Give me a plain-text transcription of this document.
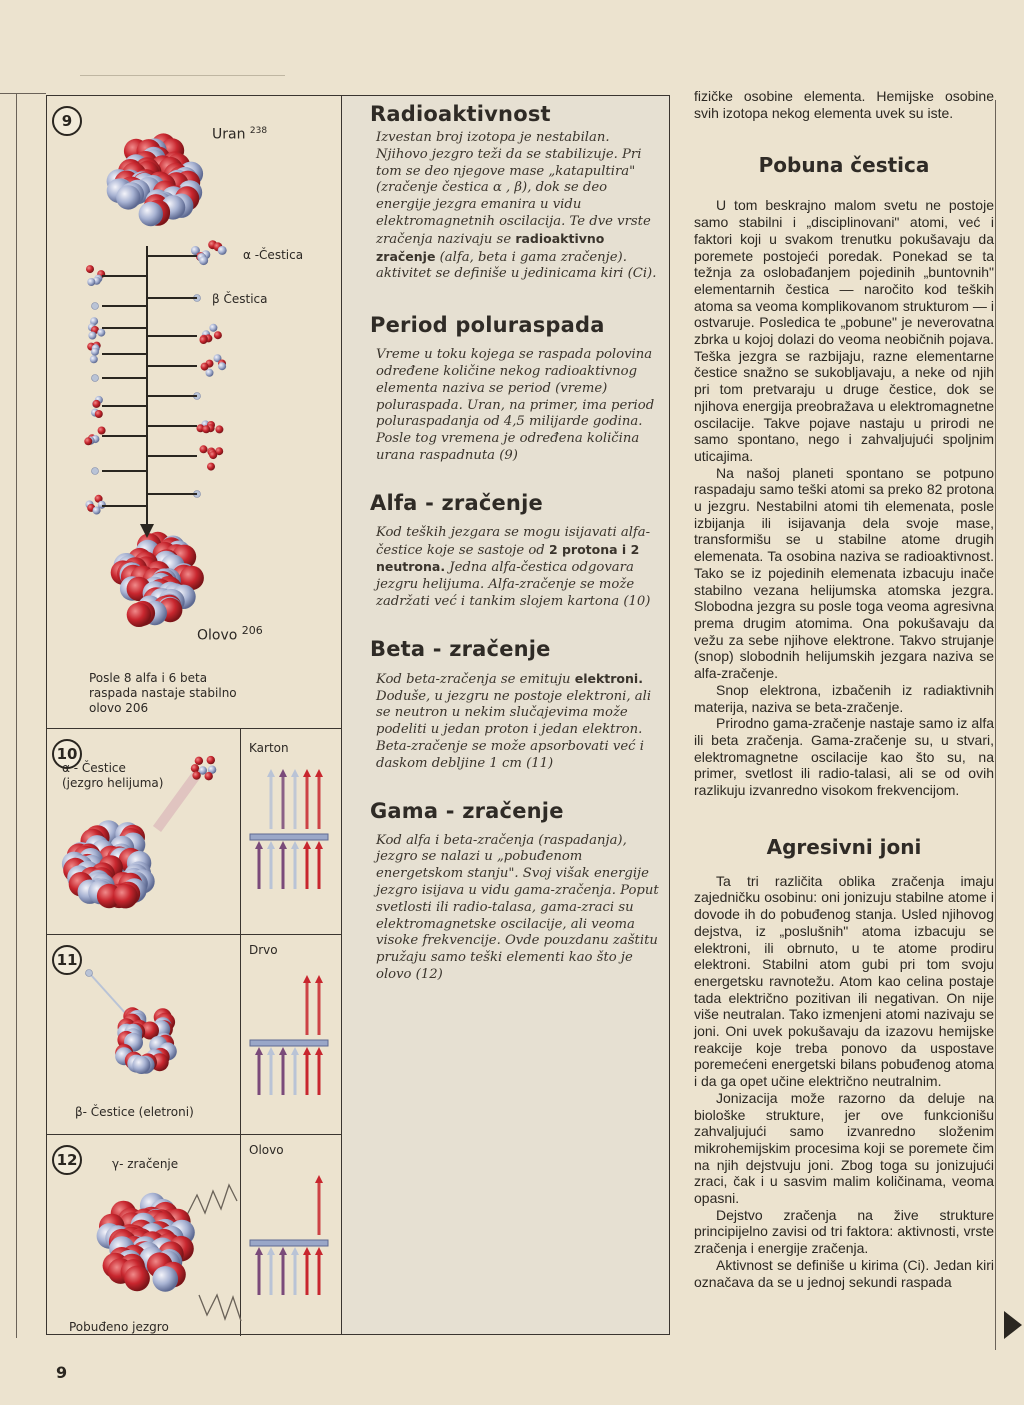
9
Uran $^{238}$
α -Čestica
β Čestica
Olovo $^{206}$
Posle 8 alfa i 6 beta
raspada nastaje stabilno
olovo 206
10
α - Čestice
(jezgro helijuma)
Karton
11
β- Čestice (eletroni)
Drvo
12	γ- zračenje
Pobuđeno jezgro
Olovo
Radioaktivnost

Izvestan broj izotopa je nestabilan. Njihovo jezgro teži da se stabilizuje. Pri tom se deo njegove mase „katapultira" (zračenje čestica α , β), dok se deo energije jezgra emanira u vidu elektromagnetnih oscilacija. Te dve vrste zračenja nazivaju se radioaktivno zračenje (alfa, beta i gama zračenje). aktivitet se definiše u jedinicama kiri (Ci).

Period poluraspada

Vreme u toku kojega se raspada polovina određene količine nekog radioaktivnog elementa naziva se period (vreme) poluraspada. Uran, na primer, ima period poluraspadanja od 4,5 milijarde godina. Posle tog vremena je određena količina urana raspadnuta (9)

Alfa - zračenje

Kod teških jezgara se mogu isijavati alfa-čestice koje se sastoje od 2 protona i 2 neutrona. Jedna alfa-čestica odgovara jezgru helijuma. Alfa-zračenje se može zadržati već i tankim slojem kartona (10)

Beta - zračenje

Kod beta-zračenja se emituju elektroni. Doduše, u jezgru ne postoje elektroni, ali se neutron u nekim slučajevima može podeliti u jedan proton i jedan elektron. Beta-zračenje se može apsorbovati već i daskom debljine 1 cm (11)

Gama - zračenje

Kod alfa i beta-zračenja (raspadanja), jezgro se nalazi u „pobuđenom energetskom stanju". Svoj višak energije jezgro isijava u vidu gama-zračenja. Poput svetlosti ili radio-talasa, gama-zraci su elektromagnetske oscilacije, ali veoma visoke frekvencije. Ovde pouzdanu zaštitu pružaju samo teški elementi kao što je olovo (12)

fizičke osobine elementa. Hemijske osobine svih izotopa nekog elementa uvek su iste.

Pobuna čestica

U tom beskrajno malom svetu ne postoje samo stabilni i „disciplinovani" atomi, već i faktori koji u svakom trenutku pokušavaju da poremete postojeći poredak. Ponekad se ta težnja za oslobađanjem pojedinih „buntovnih" elementarnih čestica — naročito kod teških atoma sa veoma komplikovanom strukturom — i ostvaruje. Posledica te „pobune" je neverovatna zbrka u kojoj dolazi do veoma neobičnih pojava. Teška jezgra se razbijaju, razne elementarne čestice snažno se sukobljavaju, a neke od njih pri tom pretvaraju u druge čestice, dok se njihova energija preobražava u elektromagnetne oscilacije. Takve pojave nastaju u prirodi ne samo spontano, nego i zahvaljujući spoljnim uticajima.

Na našoj planeti spontano se potpuno raspadaju samo teški atomi sa preko 82 protona u jezgru. Nestabilni atomi tih elemenata, posle izbijanja ili isijavanja dela svoje mase, transformišu se u stabilne atome drugih elemenata. Ta osobina naziva se radioaktivnost. Tako se iz pojedinih elemenata izbacuju inače stabilno vezana helijumska atomska jezgra. Slobodna jezgra su posle toga veoma agresivna prema drugim atomima. Ona pokušavaju da vežu za sebe njihove elektrone. Takvo strujanje (snop) slobodnih helijumskih jezgara naziva se alfa-zračenje.

Snop elektrona, izbačenih iz radiaktivnih materija, naziva se beta-zračenje.

Prirodno gama-zračenje nastaje samo iz alfa ili beta zračenja. Gama-zračenje su, u stvari, elektromagnetne oscilacije kao što su, na primer, svetlost ili radio-talasi, ali se od ovih razlikuju izvanredno visokom frekvencijom.

Agresivni joni

Ta tri različita oblika zračenja imaju zajedničku osobinu: oni jonizuju stabilne atome i dovode ih do pobuđenog stanja. Usled njihovog dejstva, iz „poslušnih" atoma izbacuju se elektroni, ili obrnuto, u te atome prodiru elektroni. Stabilni atom gubi pri tom svoju energetsku ravnotežu. Atom kao celina postaje tada električno pozitivan ili negativan. On nije više neutralan. Tako izmenjeni atomi nazivaju se joni. Oni uvek pokušavaju da izazovu hemijske reakcije koje treba ponovo da uspostave poremećeni energetski bilans pobuđenog atoma i da ga opet učine električno neutralnim.

Jonizacija može razorno da deluje na biološke strukture, jer ove funkcionišu zahvaljujući samo izvanredno složenim mikrohemijskim procesima koji se poremete čim na njih dejstvuju joni. Zbog toga su jonizujući zraci, čak i u sasvim malim količinama, veoma opasni.

Dejstvo zračenja na žive strukture principijelno zavisi od tri faktora: aktivnosti, vrste zračenja i energije zračenja.

Aktivnost se definiše u kirima (Ci). Jedan kiri označava da se u jednoj sekundi raspada

9
